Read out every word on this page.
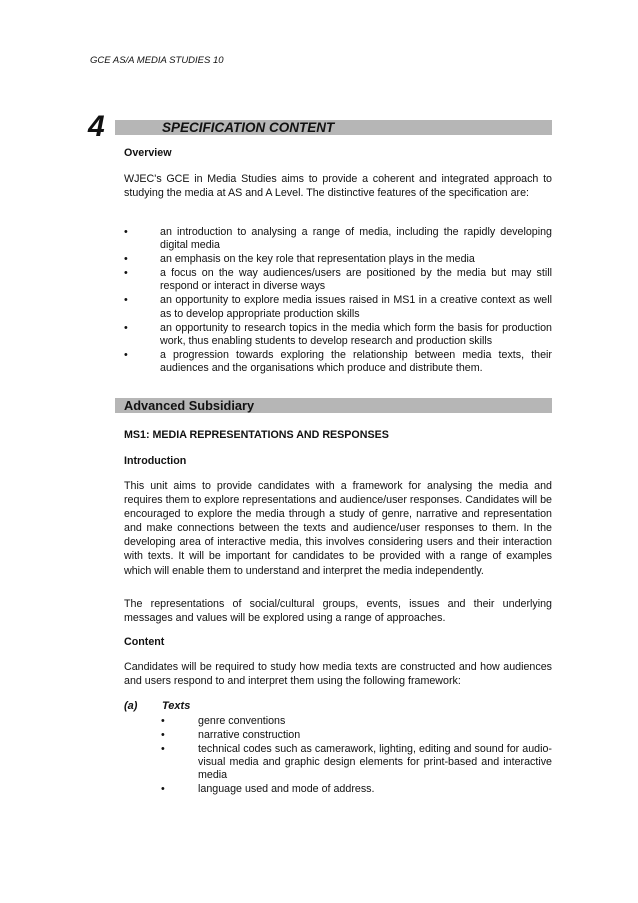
GCE AS/A MEDIA STUDIES 10
4	SPECIFICATION CONTENT
Overview

WJEC's GCE in Media Studies aims to provide a coherent and integrated approach to studying the media at AS and A Level. The distinctive features of the specification are:

•	an introduction to analysing a range of media, including the rapidly developing digital media
•	an emphasis on the key role that representation plays in the media
•	a focus on the way audiences/users are positioned by the media but may still respond or interact in diverse ways
•	an opportunity to explore media issues raised in MS1 in a creative context as well as to develop appropriate production skills
•	an opportunity to research topics in the media which form the basis for production work, thus enabling students to develop research and production skills
•	a progression towards exploring the relationship between media texts, their audiences and the organisations which produce and distribute them.
Advanced Subsidiary
MS1: MEDIA REPRESENTATIONS AND RESPONSES
Introduction

This unit aims to provide candidates with a framework for analysing the media and requires them to explore representations and audience/user responses. Candidates will be encouraged to explore the media through a study of genre, narrative and representation and make connections between the texts and audience/user responses to them. In the developing area of interactive media, this involves considering users and their interaction with texts. It will be important for candidates to be provided with a range of examples which will enable them to understand and interpret the media independently.

The representations of social/cultural groups, events, issues and their underlying messages and values will be explored using a range of approaches.

Content

Candidates will be required to study how media texts are constructed and how audiences and users respond to and interpret them using the following framework:

(a) Texts
•	genre conventions
•	narrative construction
•	technical codes such as camerawork, lighting, editing and sound for audio-visual media and graphic design elements for print-based and interactive media
•	language used and mode of address.
